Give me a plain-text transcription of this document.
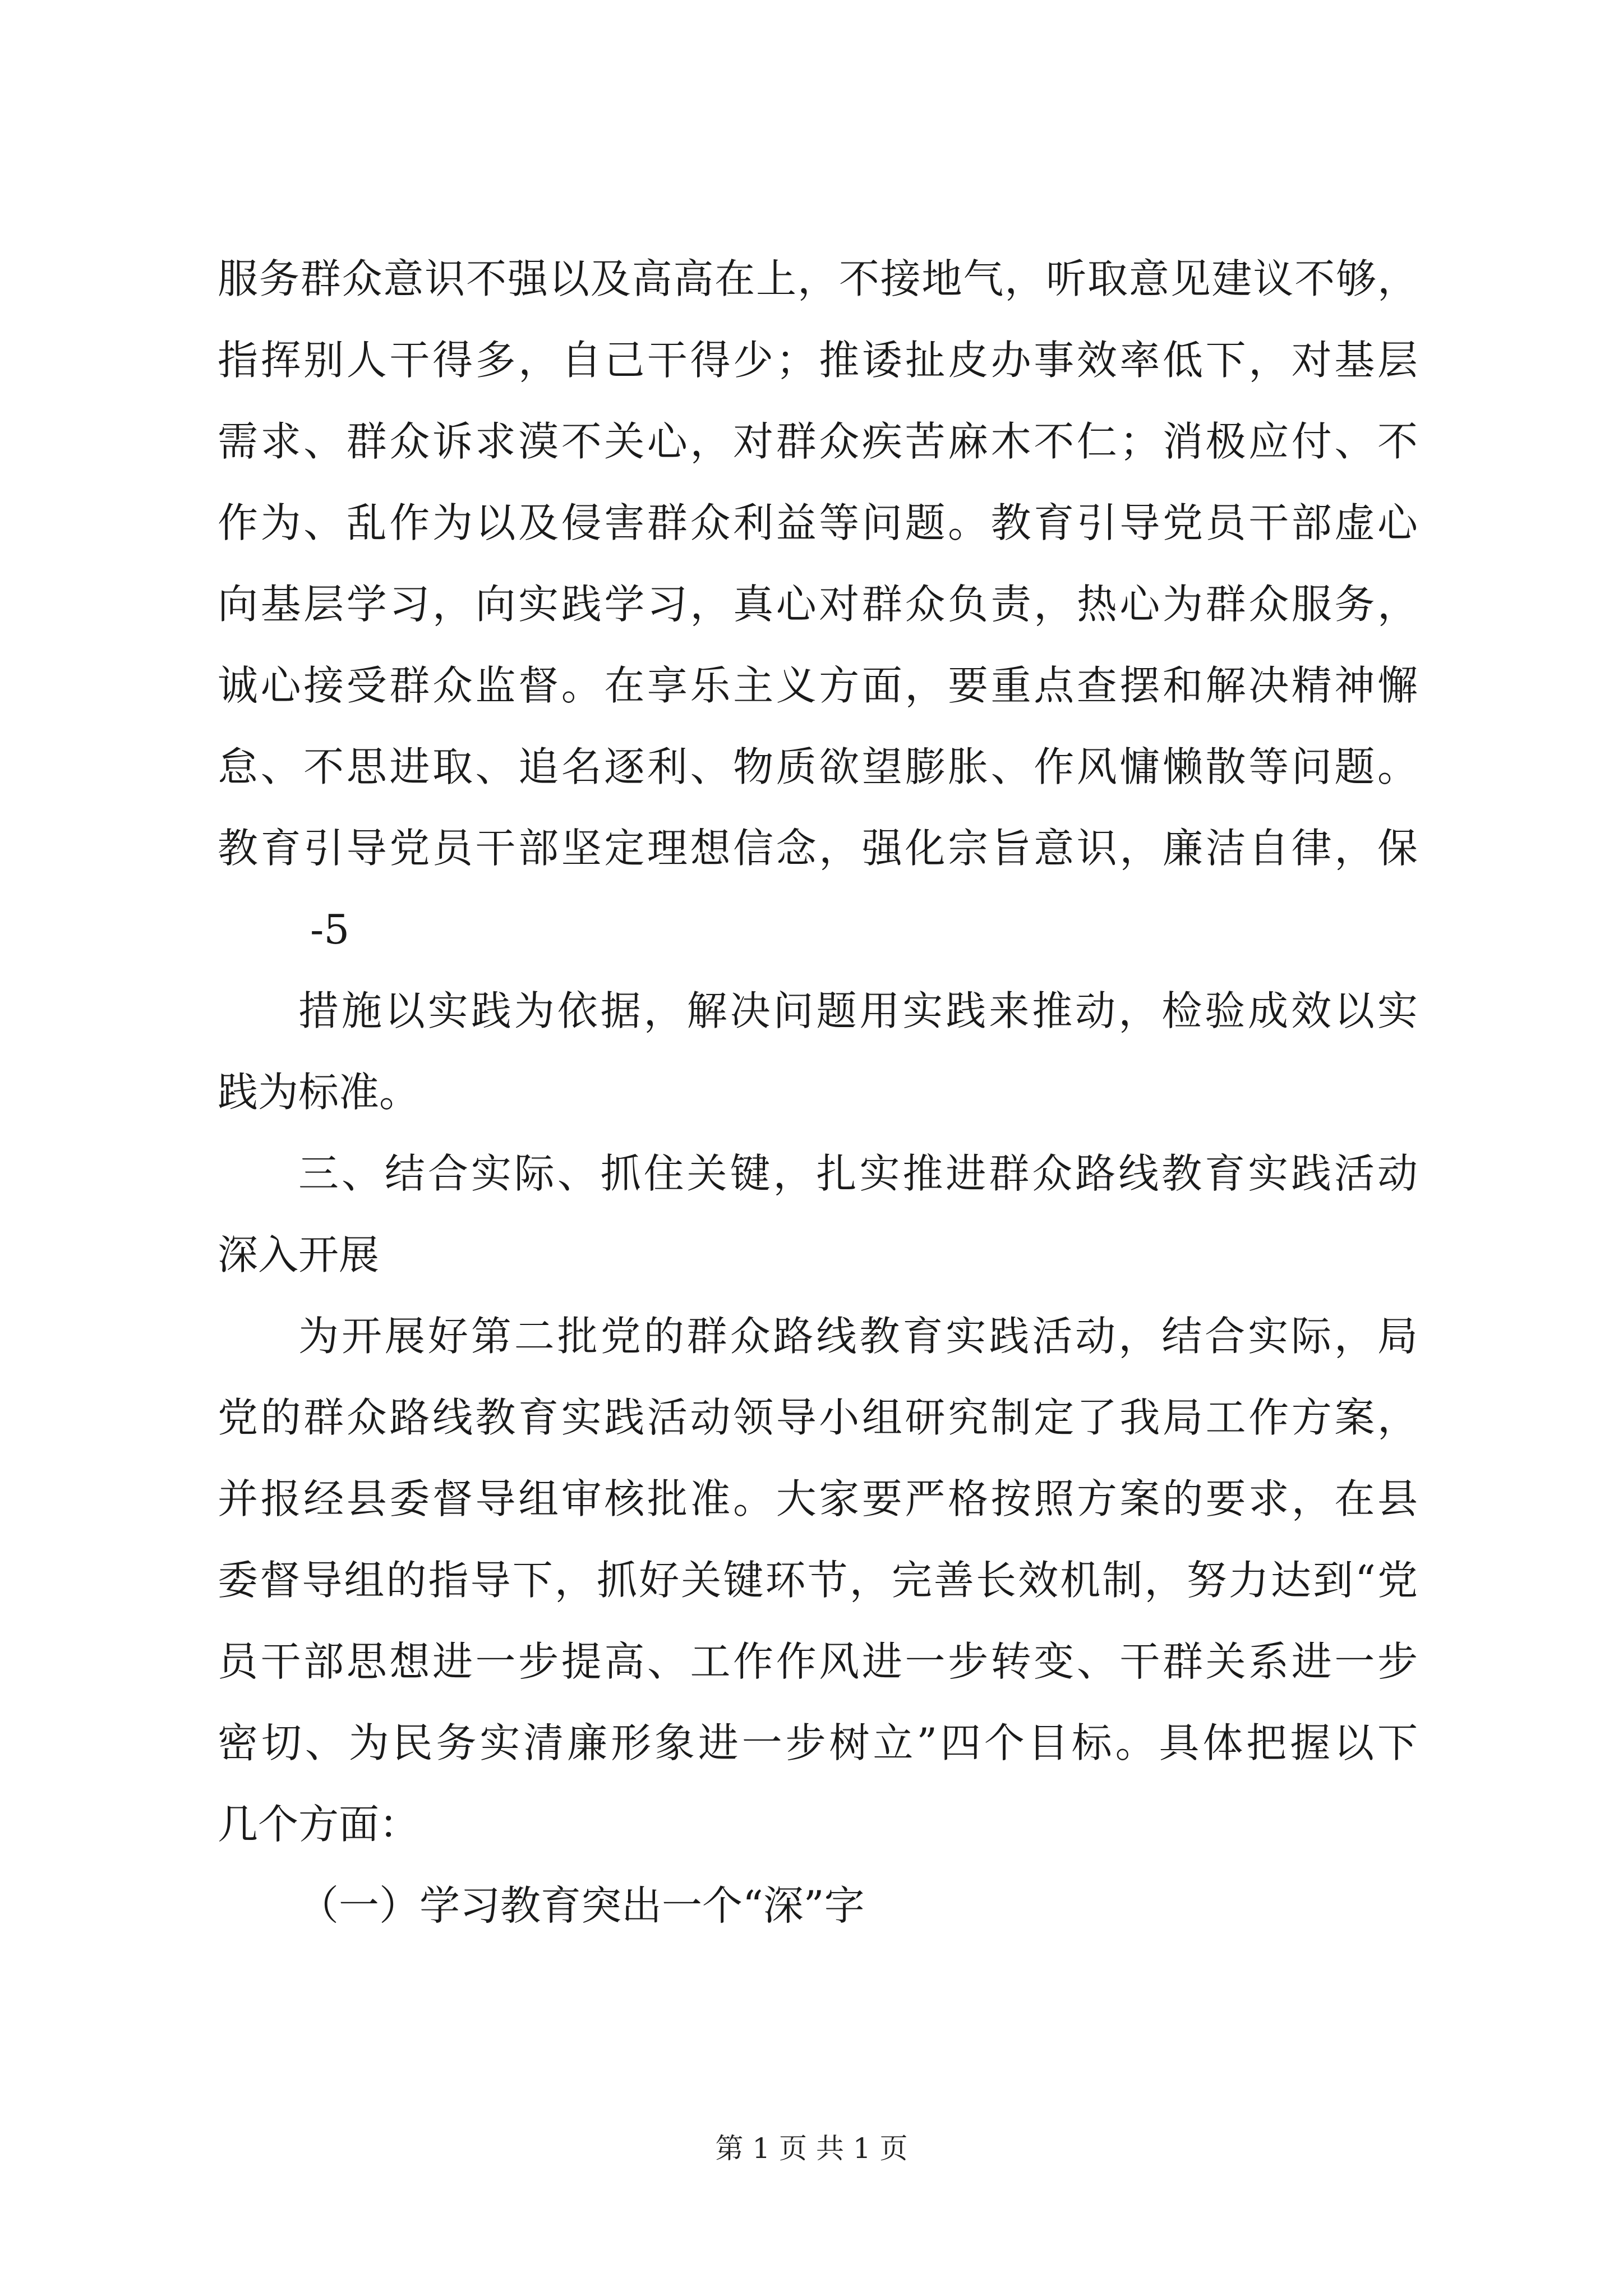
服务群众意识不强以及高高在上，不接地气，听取意见建议不够，
指挥别人干得多，自己干得少；推诿扯皮办事效率低下，对基层
需求、群众诉求漠不关心，对群众疾苦麻木不仁；消极应付、不
作为、乱作为以及侵害群众利益等问题。教育引导党员干部虚心
向基层学习，向实践学习，真心对群众负责，热心为群众服务，
诚心接受群众监督。在享乐主义方面，要重点查摆和解决精神懈
怠、不思进取、追名逐利、物质欲望膨胀、作风慵懒散等问题。
教育引导党员干部坚定理想信念，强化宗旨意识，廉洁自律，保
-5
措施以实践为依据，解决问题用实践来推动，检验成效以实
践为标准。
三、结合实际、抓住关键，扎实推进群众路线教育实践活动
深入开展
为开展好第二批党的群众路线教育实践活动，结合实际，局
党的群众路线教育实践活动领导小组研究制定了我局工作方案，
并报经县委督导组审核批准。大家要严格按照方案的要求，在县
委督导组的指导下，抓好关键环节，完善长效机制，努力达到“党
员干部思想进一步提高、工作作风进一步转变、干群关系进一步
密切、为民务实清廉形象进一步树立”四个目标。具体把握以下
几个方面：
（一）学习教育突出一个“深”字
第 1 页 共 1 页
